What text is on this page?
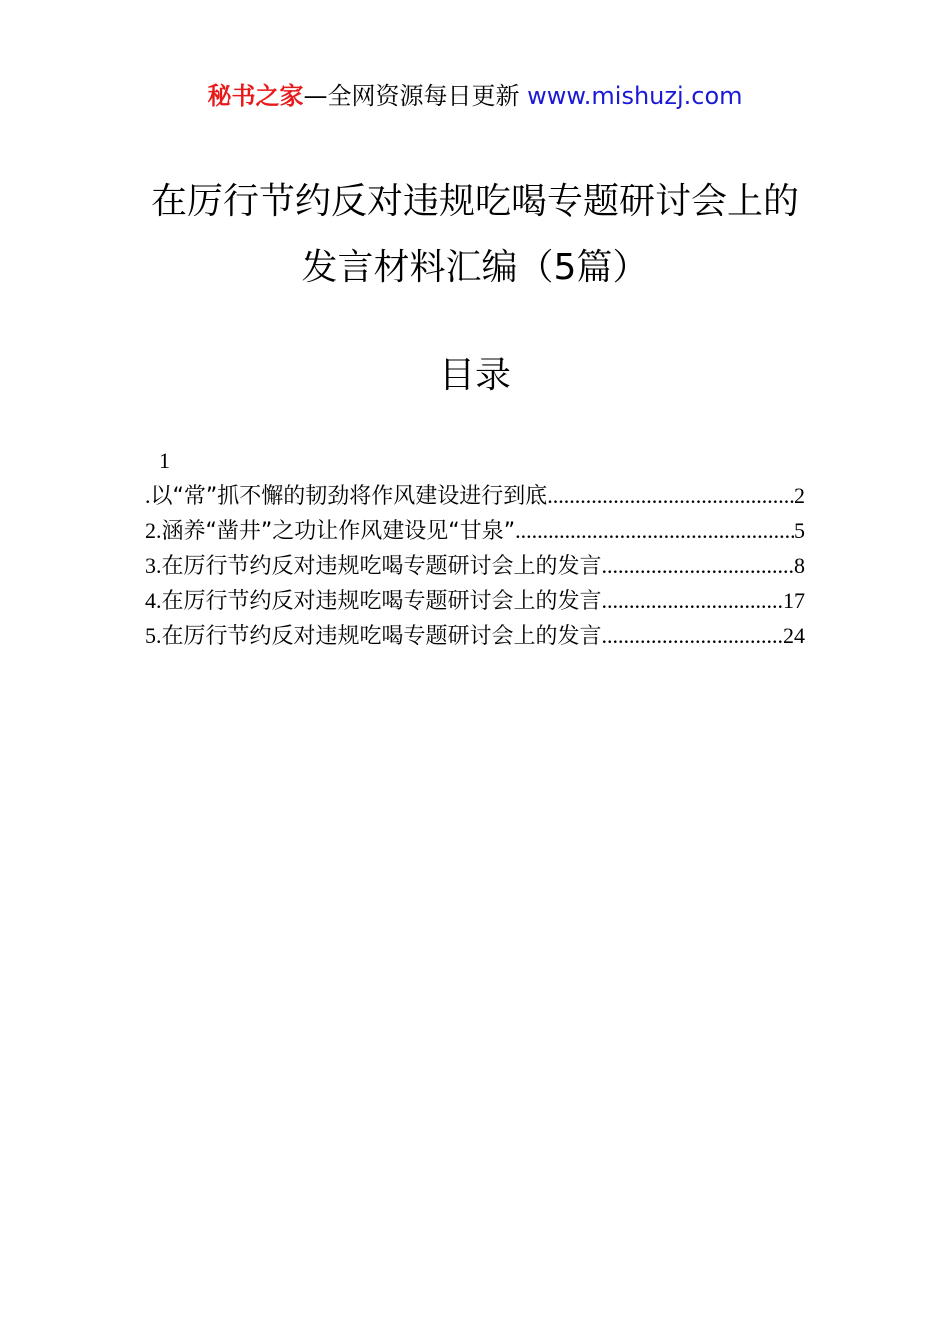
秘书之家—全网资源每日更新 www.mishuzj.com
在厉行节约反对违规吃喝专题研讨会上的
发言材料汇编（5篇）
目录
1
.以“常”抓不懈的韧劲将作风建设进行到底 .....	2
2.涵养“凿井”之功让作风建设见“甘泉” .....	5
3.在厉行节约反对违规吃喝专题研讨会上的发言 .....	8
4.在厉行节约反对违规吃喝专题研讨会上的发言 .....	17
5.在厉行节约反对违规吃喝专题研讨会上的发言 .....	24
